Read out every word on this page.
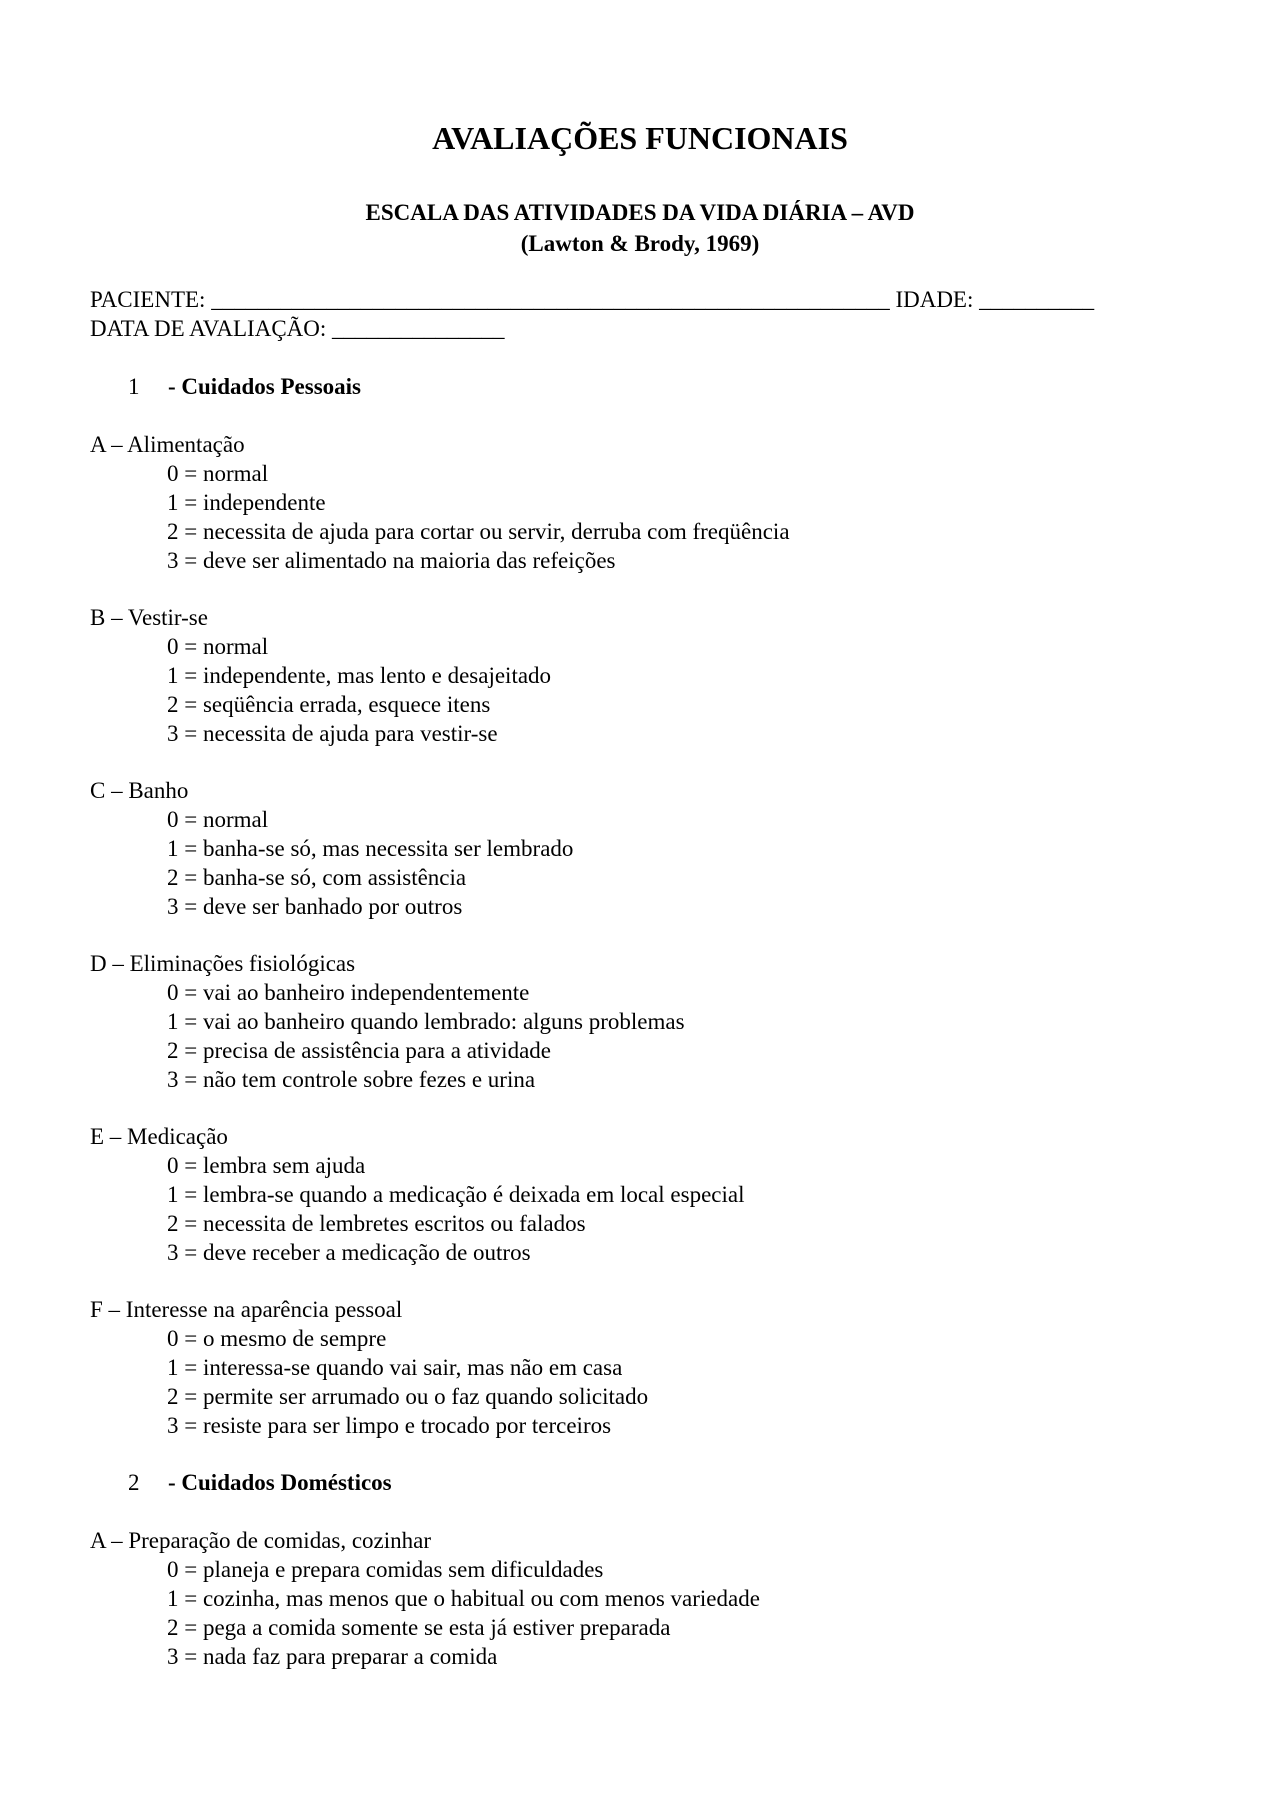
AVALIAÇÕES FUNCIONAIS

ESCALA DAS ATIVIDADES DA VIDA DIÁRIA – AVD

(Lawton & Brody, 1969)

PACIENTE: ___________________________________________________________ IDADE: __________

DATA DE AVALIAÇÃO: _______________

1 - Cuidados Pessoais

A – Alimentação

0 = normal

1 = independente

2 = necessita de ajuda para cortar ou servir, derruba com freqüência

3 = deve ser alimentado na maioria das refeições

B – Vestir-se

0 = normal

1 = independente, mas lento e desajeitado

2 = seqüência errada, esquece itens

3 = necessita de ajuda para vestir-se

C – Banho

0 = normal

1 = banha-se só, mas necessita ser lembrado

2 = banha-se só, com assistência

3 = deve ser banhado por outros

D – Eliminações fisiológicas

0 = vai ao banheiro independentemente

1 = vai ao banheiro quando lembrado: alguns problemas

2 = precisa de assistência para a atividade

3 = não tem controle sobre fezes e urina

E – Medicação

0 = lembra sem ajuda

1 = lembra-se quando a medicação é deixada em local especial

2 = necessita de lembretes escritos ou falados

3 = deve receber a medicação de outros

F – Interesse na aparência pessoal

0 = o mesmo de sempre

1 = interessa-se quando vai sair, mas não em casa

2 = permite ser arrumado ou o faz quando solicitado

3 = resiste para ser limpo e trocado por terceiros

2 - Cuidados Domésticos

A – Preparação de comidas, cozinhar

0 = planeja e prepara comidas sem dificuldades

1 = cozinha, mas menos que o habitual ou com menos variedade

2 = pega a comida somente se esta já estiver preparada

3 = nada faz para preparar a comida
